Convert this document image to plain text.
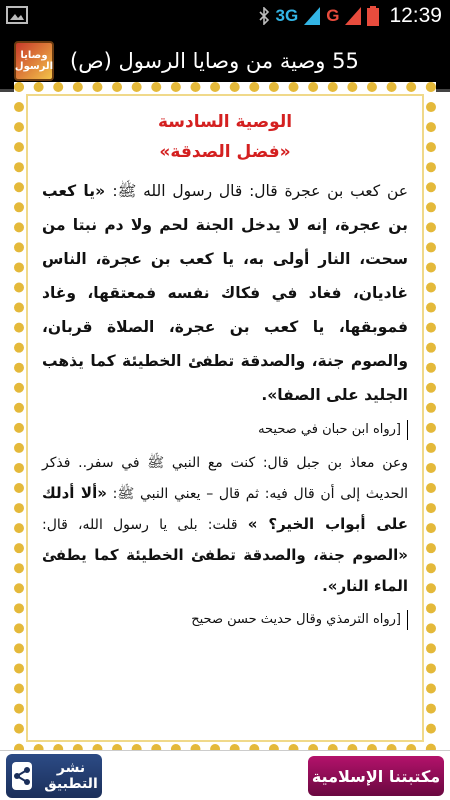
3G G 12:39
وصايا الرسول 55 وصية من وصايا الرسول (ص)
الوصية السادسة
«فضل الصدقة»

عن كعب بن عجرة قال: قال رسول الله ﷺ: «يا كعب بن عجرة، إنه لا يدخل الجنة لحم ولا دم نبتا من سحت، النار أولى به، يا كعب بن عجرة، الناس غاديان، فغاد في فكاك نفسه فمعتقها، وغاد فموبقها، يا كعب بن عجرة، الصلاة قربان، والصوم جنة، والصدقة تطفئ الخطيئة كما يذهب الجليد على الصفا».

[رواه ابن حبان في صحيحه

وعن معاذ بن جبل قال: كنت مع النبي ﷺ في سفر.. فذكر الحديث إلى أن قال فيه: ثم قال – يعني النبي ﷺ: «ألا أدلك على أبواب الخير؟ » قلت: بلى يا رسول الله، قال: «الصوم جنة، والصدقة تطفئ الخطيئة كما يطفئ الماء النار».

[رواه الترمذي وقال حديث حسن صحيح
نشر التطبيق	مكتبتنا الإسلامية
